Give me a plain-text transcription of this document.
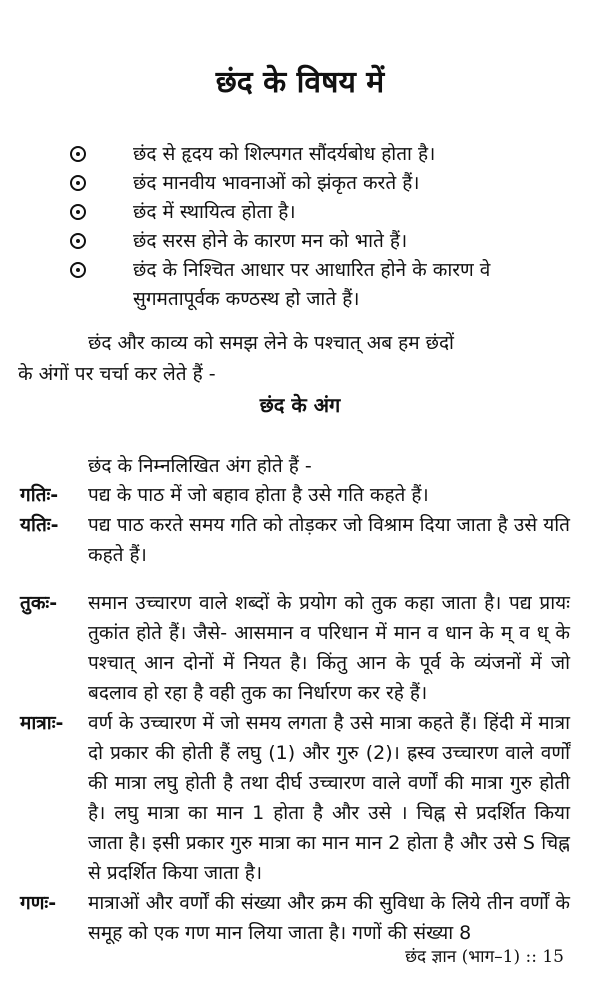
छंद के विषय में
छंद से हृदय को शिल्पगत सौंदर्यबोध होता है।
छंद मानवीय भावनाओं को झंकृत करते हैं।
छंद में स्थायित्व होता है।
छंद सरस होने के कारण मन को भाते हैं।
छंद के निश्चित आधार पर आधारित होने के कारण वे सुगमतापूर्वक कण्ठस्थ हो जाते हैं।
छंद और काव्य को समझ लेने के पश्चात् अब हम छंदों
के अंगों पर चर्चा कर लेते हैं -
छंद के अंग
छंद के निम्नलिखित अंग होते हैं -
गतिः- पद्य के पाठ में जो बहाव होता है उसे गति कहते हैं।
यतिः- पद्य पाठ करते समय गति को तोड़कर जो विश्राम दिया जाता है उसे यति कहते हैं।
तुकः- समान उच्चारण वाले शब्दों के प्रयोग को तुक कहा जाता है। पद्य प्रायः तुकांत होते हैं। जैसे- आसमान व परिधान में मान व धान के म् व ध् के पश्चात् आन दोनों में नियत है। किंतु आन के पूर्व के व्यंजनों में जो बदलाव हो रहा है वही तुक का निर्धारण कर रहे हैं।
मात्राः- वर्ण के उच्चारण में जो समय लगता है उसे मात्रा कहते हैं। हिंदी में मात्रा दो प्रकार की होती हैं लघु (1) और गुरु (2)। ह्रस्व उच्चारण वाले वर्णों की मात्रा लघु होती है तथा दीर्घ उच्चारण वाले वर्णों की मात्रा गुरु होती है। लघु मात्रा का मान 1 होता है और उसे । चिह्न से प्रदर्शित किया जाता है। इसी प्रकार गुरु मात्रा का मान मान 2 होता है और उसे S चिह्न से प्रदर्शित किया जाता है।
गणः- मात्राओं और वर्णों की संख्या और क्रम की सुविधा के लिये तीन वर्णों के समूह को एक गण मान लिया जाता है। गणों की संख्या 8
छंद ज्ञान (भाग–1) :: 15
